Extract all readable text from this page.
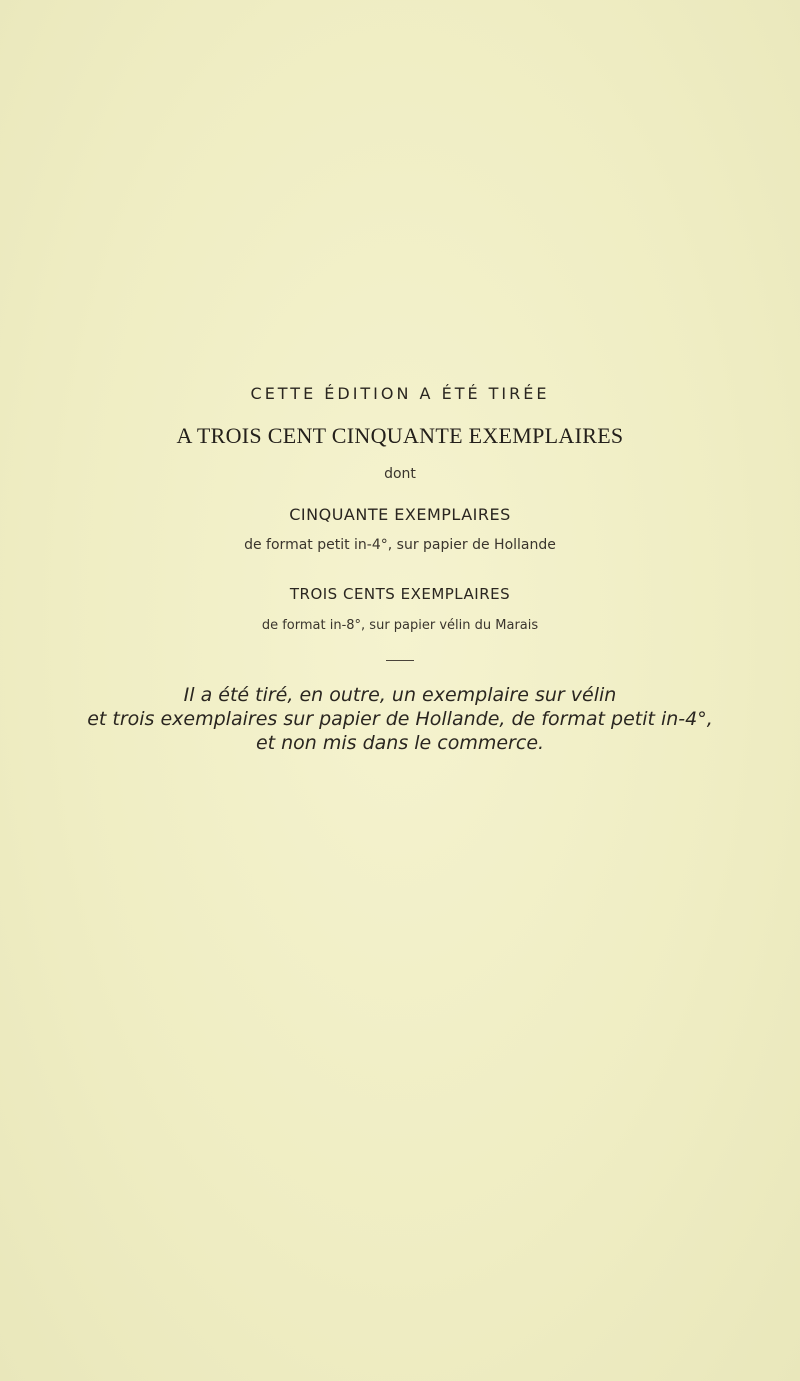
CETTE ÉDITION A ÉTÉ TIRÉE
A TROIS CENT CINQUANTE EXEMPLAIRES
dont
CINQUANTE EXEMPLAIRES
de format petit in-4°, sur papier de Hollande
TROIS CENTS EXEMPLAIRES
de format in-8°, sur papier vélin du Marais
Il a été tiré, en outre, un exemplaire sur vélin
et trois exemplaires sur papier de Hollande, de format petit in-4°,
et non mis dans le commerce.
